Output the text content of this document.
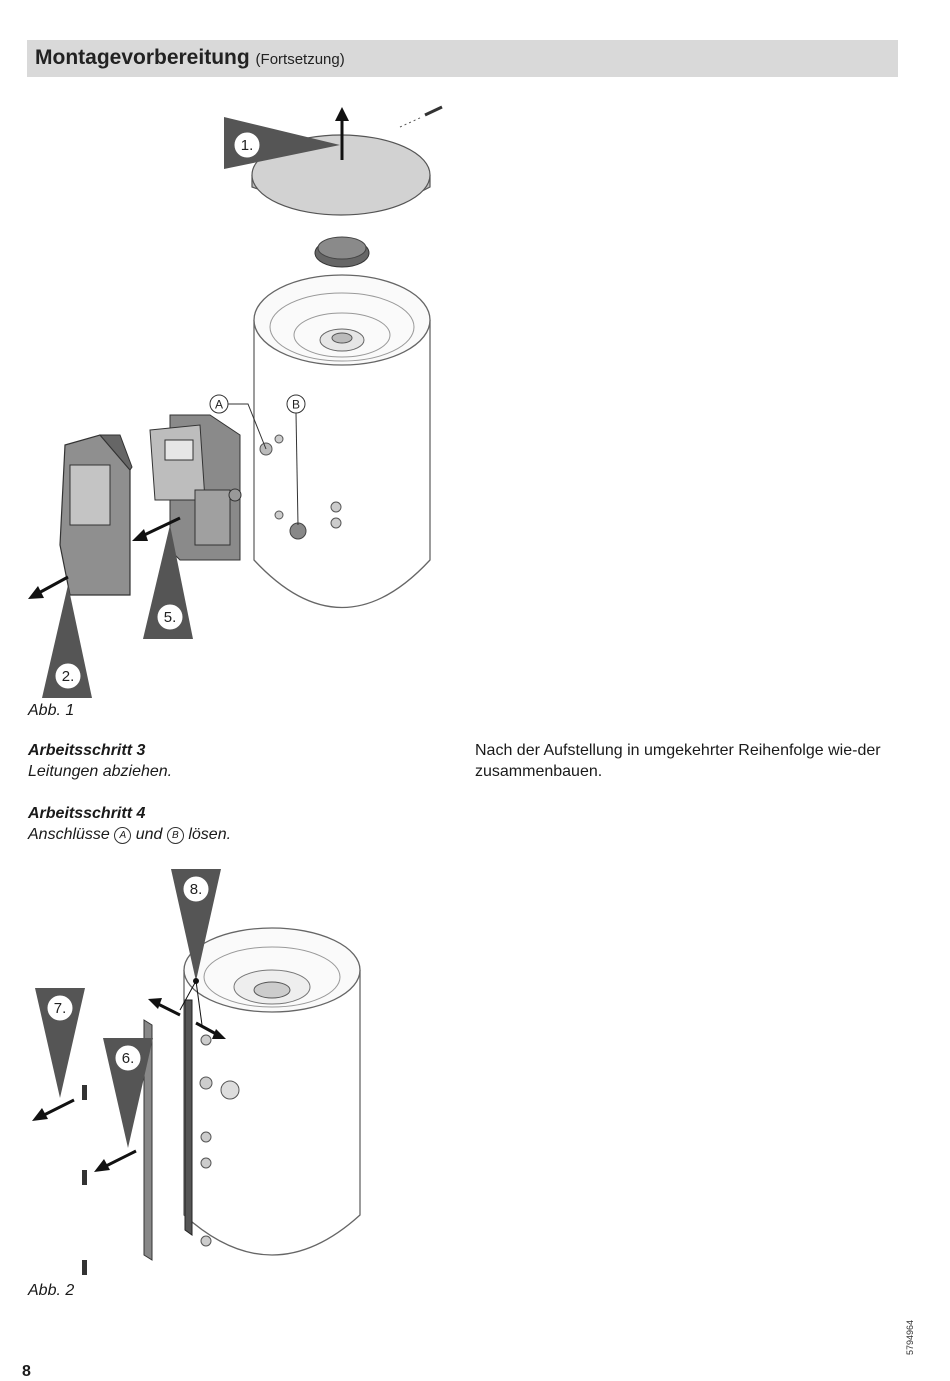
Montagevorbereitung (Fortsetzung)
A	B
1.
5.
2.
Abb. 1
Arbeitsschritt 3
Leitungen abziehen.
Arbeitsschritt 4
Anschlüsse A und B lösen.
Nach der Aufstellung in umgekehrter Reihenfolge wie-der zusammenbauen.
8.
7.
6.
Abb. 2
8
5794964
